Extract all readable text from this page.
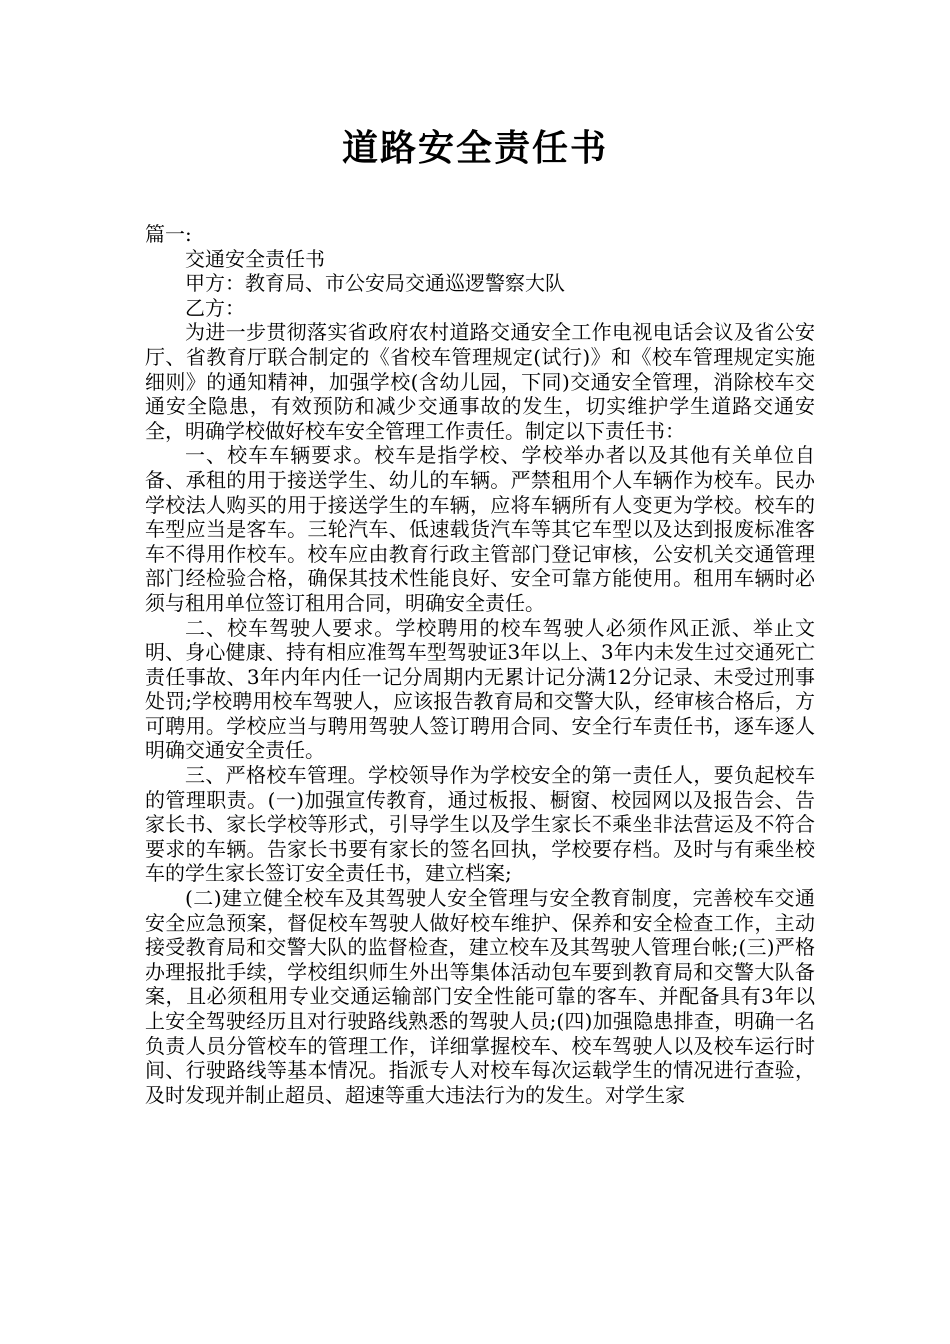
道路安全责任书

篇一:

交通安全责任书

甲方：教育局、市公安局交通巡逻警察大队

乙方：

为进一步贯彻落实省政府农村道路交通安全工作电视电话会议及省公安厅、省教育厅联合制定的《省校车管理规定(试行)》和《校车管理规定实施细则》的通知精神，加强学校(含幼儿园，下同)交通安全管理，消除校车交通安全隐患，有效预防和减少交通事故的发生，切实维护学生道路交通安全，明确学校做好校车安全管理工作责任。制定以下责任书：

一、校车车辆要求。校车是指学校、学校举办者以及其他有关单位自备、承租的用于接送学生、幼儿的车辆。严禁租用个人车辆作为校车。民办学校法人购买的用于接送学生的车辆，应将车辆所有人变更为学校。校车的车型应当是客车。三轮汽车、低速载货汽车等其它车型以及达到报废标准客车不得用作校车。校车应由教育行政主管部门登记审核，公安机关交通管理部门经检验合格，确保其技术性能良好、安全可靠方能使用。租用车辆时必须与租用单位签订租用合同，明确安全责任。

二、校车驾驶人要求。学校聘用的校车驾驶人必须作风正派、举止文明、身心健康、持有相应准驾车型驾驶证3年以上、3年内未发生过交通死亡责任事故、3年内年内任一记分周期内无累计记分满12分记录、未受过刑事处罚;学校聘用校车驾驶人，应该报告教育局和交警大队，经审核合格后，方可聘用。学校应当与聘用驾驶人签订聘用合同、安全行车责任书，逐车逐人明确交通安全责任。

三、严格校车管理。学校领导作为学校安全的第一责任人，要负起校车的管理职责。(一)加强宣传教育，通过板报、橱窗、校园网以及报告会、告家长书、家长学校等形式，引导学生以及学生家长不乘坐非法营运及不符合要求的车辆。告家长书要有家长的签名回执，学校要存档。及时与有乘坐校车的学生家长签订安全责任书，建立档案;

(二)建立健全校车及其驾驶人安全管理与安全教育制度，完善校车交通安全应急预案，督促校车驾驶人做好校车维护、保养和安全检查工作，主动接受教育局和交警大队的监督检查，建立校车及其驾驶人管理台帐;(三)严格办理报批手续，学校组织师生外出等集体活动包车要到教育局和交警大队备案，且必须租用专业交通运输部门安全性能可靠的客车、并配备具有3年以上安全驾驶经历且对行驶路线熟悉的驾驶人员;(四)加强隐患排查，明确一名负责人员分管校车的管理工作，详细掌握校车、校车驾驶人以及校车运行时间、行驶路线等基本情况。指派专人对校车每次运载学生的情况进行查验，及时发现并制止超员、超速等重大违法行为的发生。对学生家
